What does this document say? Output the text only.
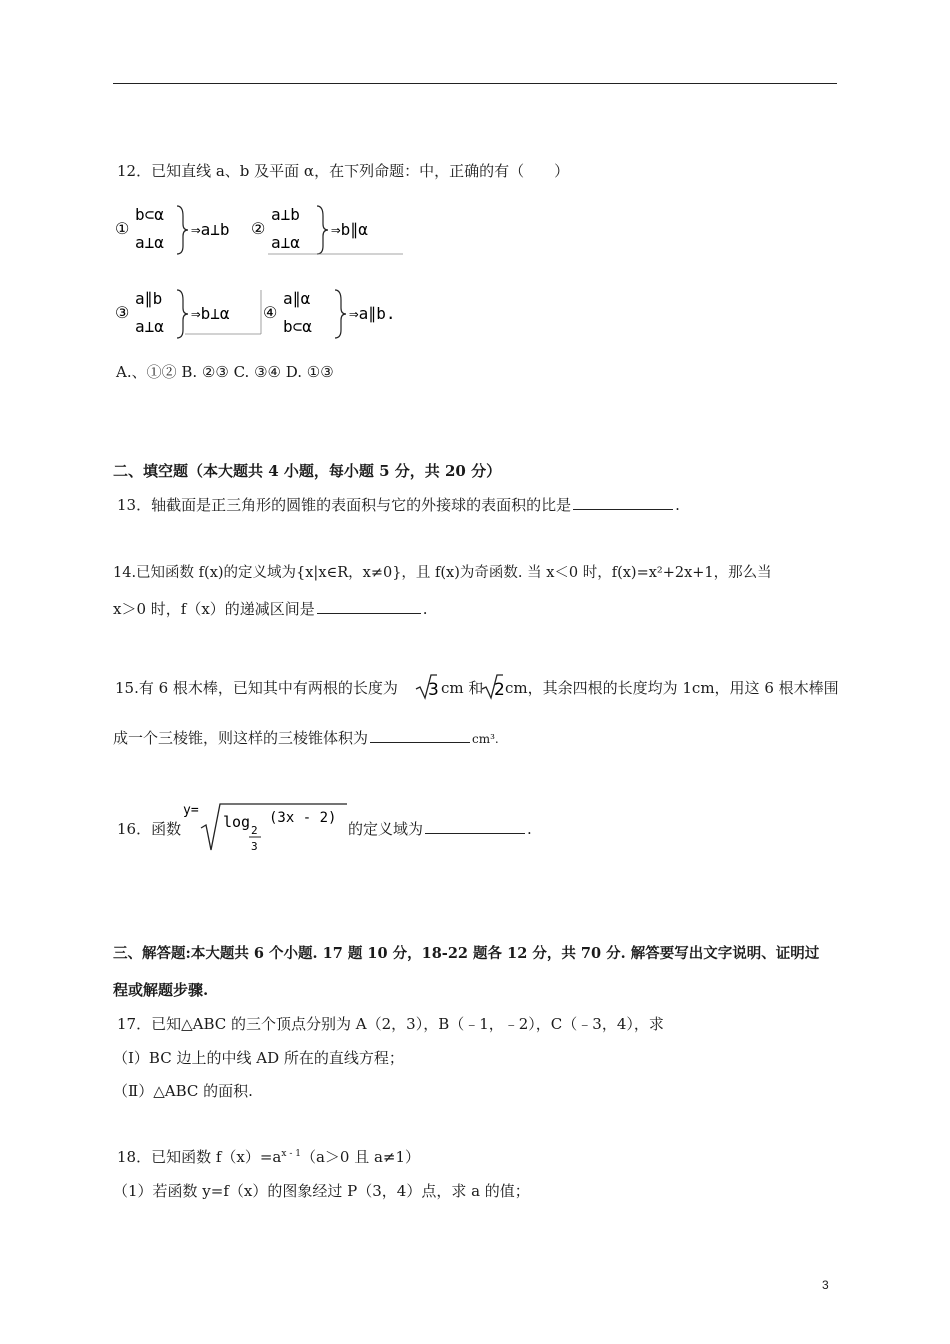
12．已知直线 a、b 及平面 α，在下列命题：中，正确的有（　　）
①
b⊂α
a⊥α
⇒a⊥b ②
a⊥b
a⊥α
⇒b∥α
③
a∥b
a⊥α
⇒b⊥α ④
a∥α
b⊂α
⇒a∥b.
A.、①② B. ②③ C. ③④ D. ①③
二、填空题（本大题共 4 小题，每小题 5 分，共 20 分）
13．轴截面是正三角形的圆锥的表面积与它的外接球的表面积的比是	.
14.已知函数 f(x)的定义域为{x|x∈R，x≠0}，且 f(x)为奇函数. 当 x＜0 时，f(x)=x²+2x+1，那么当
x＞0 时，f（x）的递减区间是	.
15.有 6 根木棒，已知其中有两根的长度为 3 cm 和 2 cm，其余四根的长度均为 1cm，用这 6 根木棒围
成一个三棱锥，则这样的三棱锥体积为	cm³.
16．函数
y=
log 2
3
(3x - 2)
的定义域为	.
三、解答题:本大题共 6 个小题. 17 题 10 分，18-22 题各 12 分，共 70 分. 解答要写出文字说明、证明过
程或解题步骤.
17．已知△ABC 的三个顶点分别为 A（2，3），B（﹣1，﹣2），C（﹣3，4），求
（Ⅰ）BC 边上的中线 AD 所在的直线方程；
（Ⅱ）△ABC 的面积.
18．已知函数 $f(x)=a^{x - 1}(a>0$ 且 a≠1）
（1）若函数 y=f（x）的图象经过 P（3，4）点，求 a 的值；
3
